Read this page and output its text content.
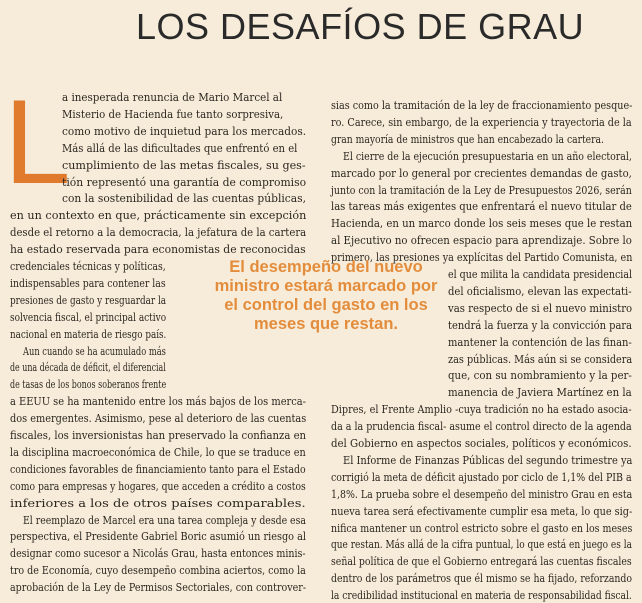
LOS DESAFÍOS DE GRAU
L
a inesperada renuncia de Mario Marcel al
Misterio de Hacienda fue tanto sorpresiva,
como motivo de inquietud para los mercados.
Más allá de las dificultades que enfrentó en el
cumplimiento de las metas fiscales, su ges-
tión representó una garantía de compromiso
con la sostenibilidad de las cuentas públicas,
en un contexto en que, prácticamente sin excepción
desde el retorno a la democracia, la jefatura de la cartera
ha estado reservada para economistas de reconocidas
credenciales técnicas y políticas,
indispensables para contener las
presiones de gasto y resguardar la
solvencia fiscal, el principal activo
nacional en materia de riesgo país.
Aun cuando se ha acumulado más
de una década de déficit, el diferencial
de tasas de los bonos soberanos frente
a EEUU se ha mantenido entre los más bajos de los merca-
dos emergentes. Asimismo, pese al deterioro de las cuentas
fiscales, los inversionistas han preservado la confianza en
la disciplina macroeconómica de Chile, lo que se traduce en
condiciones favorables de financiamiento tanto para el Estado
como para empresas y hogares, que acceden a crédito a costos
inferiores a los de otros países comparables.
El reemplazo de Marcel era una tarea compleja y desde esa
perspectiva, el Presidente Gabriel Boric asumió un riesgo al
designar como sucesor a Nicolás Grau, hasta entonces minis-
tro de Economía, cuyo desempeño combina aciertos, como la
aprobación de la Ley de Permisos Sectoriales, con controver-
sias como la tramitación de la ley de fraccionamiento pesque-
ro. Carece, sin embargo, de la experiencia y trayectoria de la
gran mayoría de ministros que han encabezado la cartera.
El cierre de la ejecución presupuestaria en un año electoral,
marcado por lo general por crecientes demandas de gasto,
junto con la tramitación de la Ley de Presupuestos 2026, serán
las tareas más exigentes que enfrentará el nuevo titular de
Hacienda, en un marco donde los seis meses que le restan
al Ejecutivo no ofrecen espacio para aprendizaje. Sobre lo
primero, las presiones ya explícitas del Partido Comunista, en
el que milita la candidata presidencial
del oficialismo, elevan las expectati-
vas respecto de si el nuevo ministro
tendrá la fuerza y la convicción para
mantener la contención de las finan-
zas públicas. Más aún si se considera
que, con su nombramiento y la per-
manencia de Javiera Martínez en la
Dipres, el Frente Amplio -cuya tradición no ha estado asocia-
da a la prudencia fiscal- asume el control directo de la agenda
del Gobierno en aspectos sociales, políticos y económicos.
El Informe de Finanzas Públicas del segundo trimestre ya
corrigió la meta de déficit ajustado por ciclo de 1,1% del PIB a
1,8%. La prueba sobre el desempeño del ministro Grau en esta
nueva tarea será efectivamente cumplir esa meta, lo que sig-
nifica mantener un control estricto sobre el gasto en los meses
que restan. Más allá de la cifra puntual, lo que está en juego es la
señal política de que el Gobierno entregará las cuentas fiscales
dentro de los parámetros que él mismo se ha fijado, reforzando
la credibilidad institucional en materia de responsabilidad fiscal.
El desempeño del nuevo ministro estará marcado por el control del gasto en los meses que restan.
